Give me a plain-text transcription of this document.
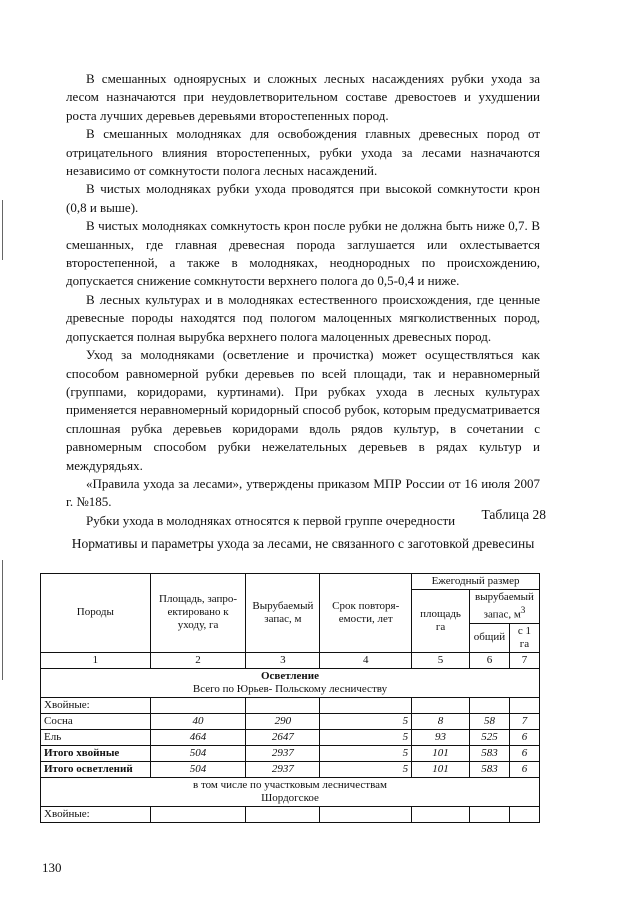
В смешанных одноярусных и сложных лесных насаждениях рубки ухода за лесом назначаются при неудовлетворительном составе древостоев и ухудшении роста лучших деревьев деревьями второстепенных пород.

В смешанных молодняках для освобождения главных древесных пород от отрицательного влияния второстепенных, рубки ухода за лесами назначаются независимо от сомкнутости полога лесных насаждений.

В чистых молодняках рубки ухода проводятся при высокой сомкнутости крон (0,8 и выше).

В чистых молодняках сомкнутость крон после рубки не должна быть ниже 0,7. В смешанных, где главная древесная порода заглушается или охлестывается второстепенной, а также в молодняках, неоднородных по происхождению, допускается снижение сомкнутости верхнего полога до 0,5-0,4 и ниже.

В лесных культурах и в молодняках естественного происхождения, где ценные древесные породы находятся под пологом малоценных мягколиственных пород, допускается полная вырубка верхнего полога малоценных древесных пород.

Уход за молодняками (осветление и прочистка) может осуществляться как способом равномерной рубки деревьев по всей площади, так и неравномерный (группами, коридорами, куртинами). При рубках ухода в лесных культурах применяется неравномерный коридорный способ рубок, которым предусматривается сплошная рубка деревьев коридорами вдоль рядов культур, в сочетании с равномерным способом рубки нежелательных деревьев в рядах культур и междурядьях.

«Правила ухода за лесами», утверждены приказом МПР России от 16 июля 2007 г. №185.

Рубки ухода в молодняках относятся к первой группе очередности	Таблица 28
Нормативы и параметры ухода за лесами, не связанного с заготовкой древесины
Породы	Площадь, запро-ектировано к уходу, га	Вырубаемый запас, м	Срок повторя-емости, лет	Ежегодный размер		
				площадь га	вырубаемый запас, $м^3$
					общий	с 1 га
1	2	3	4	5	6	7

Осветление
Всего по Юрьев- Польскому лесничеству						

Хвойные:						
Сосна	40	290	5	8	58	7
Ель	464	2647	5	93	525	6
Итого хвойные	504	2937	5	101	583	6
Итого осветлений	504	2937	5	101	583	6

в том числе по участковым лесничествам
Шордогское						

Хвойные:						
130
